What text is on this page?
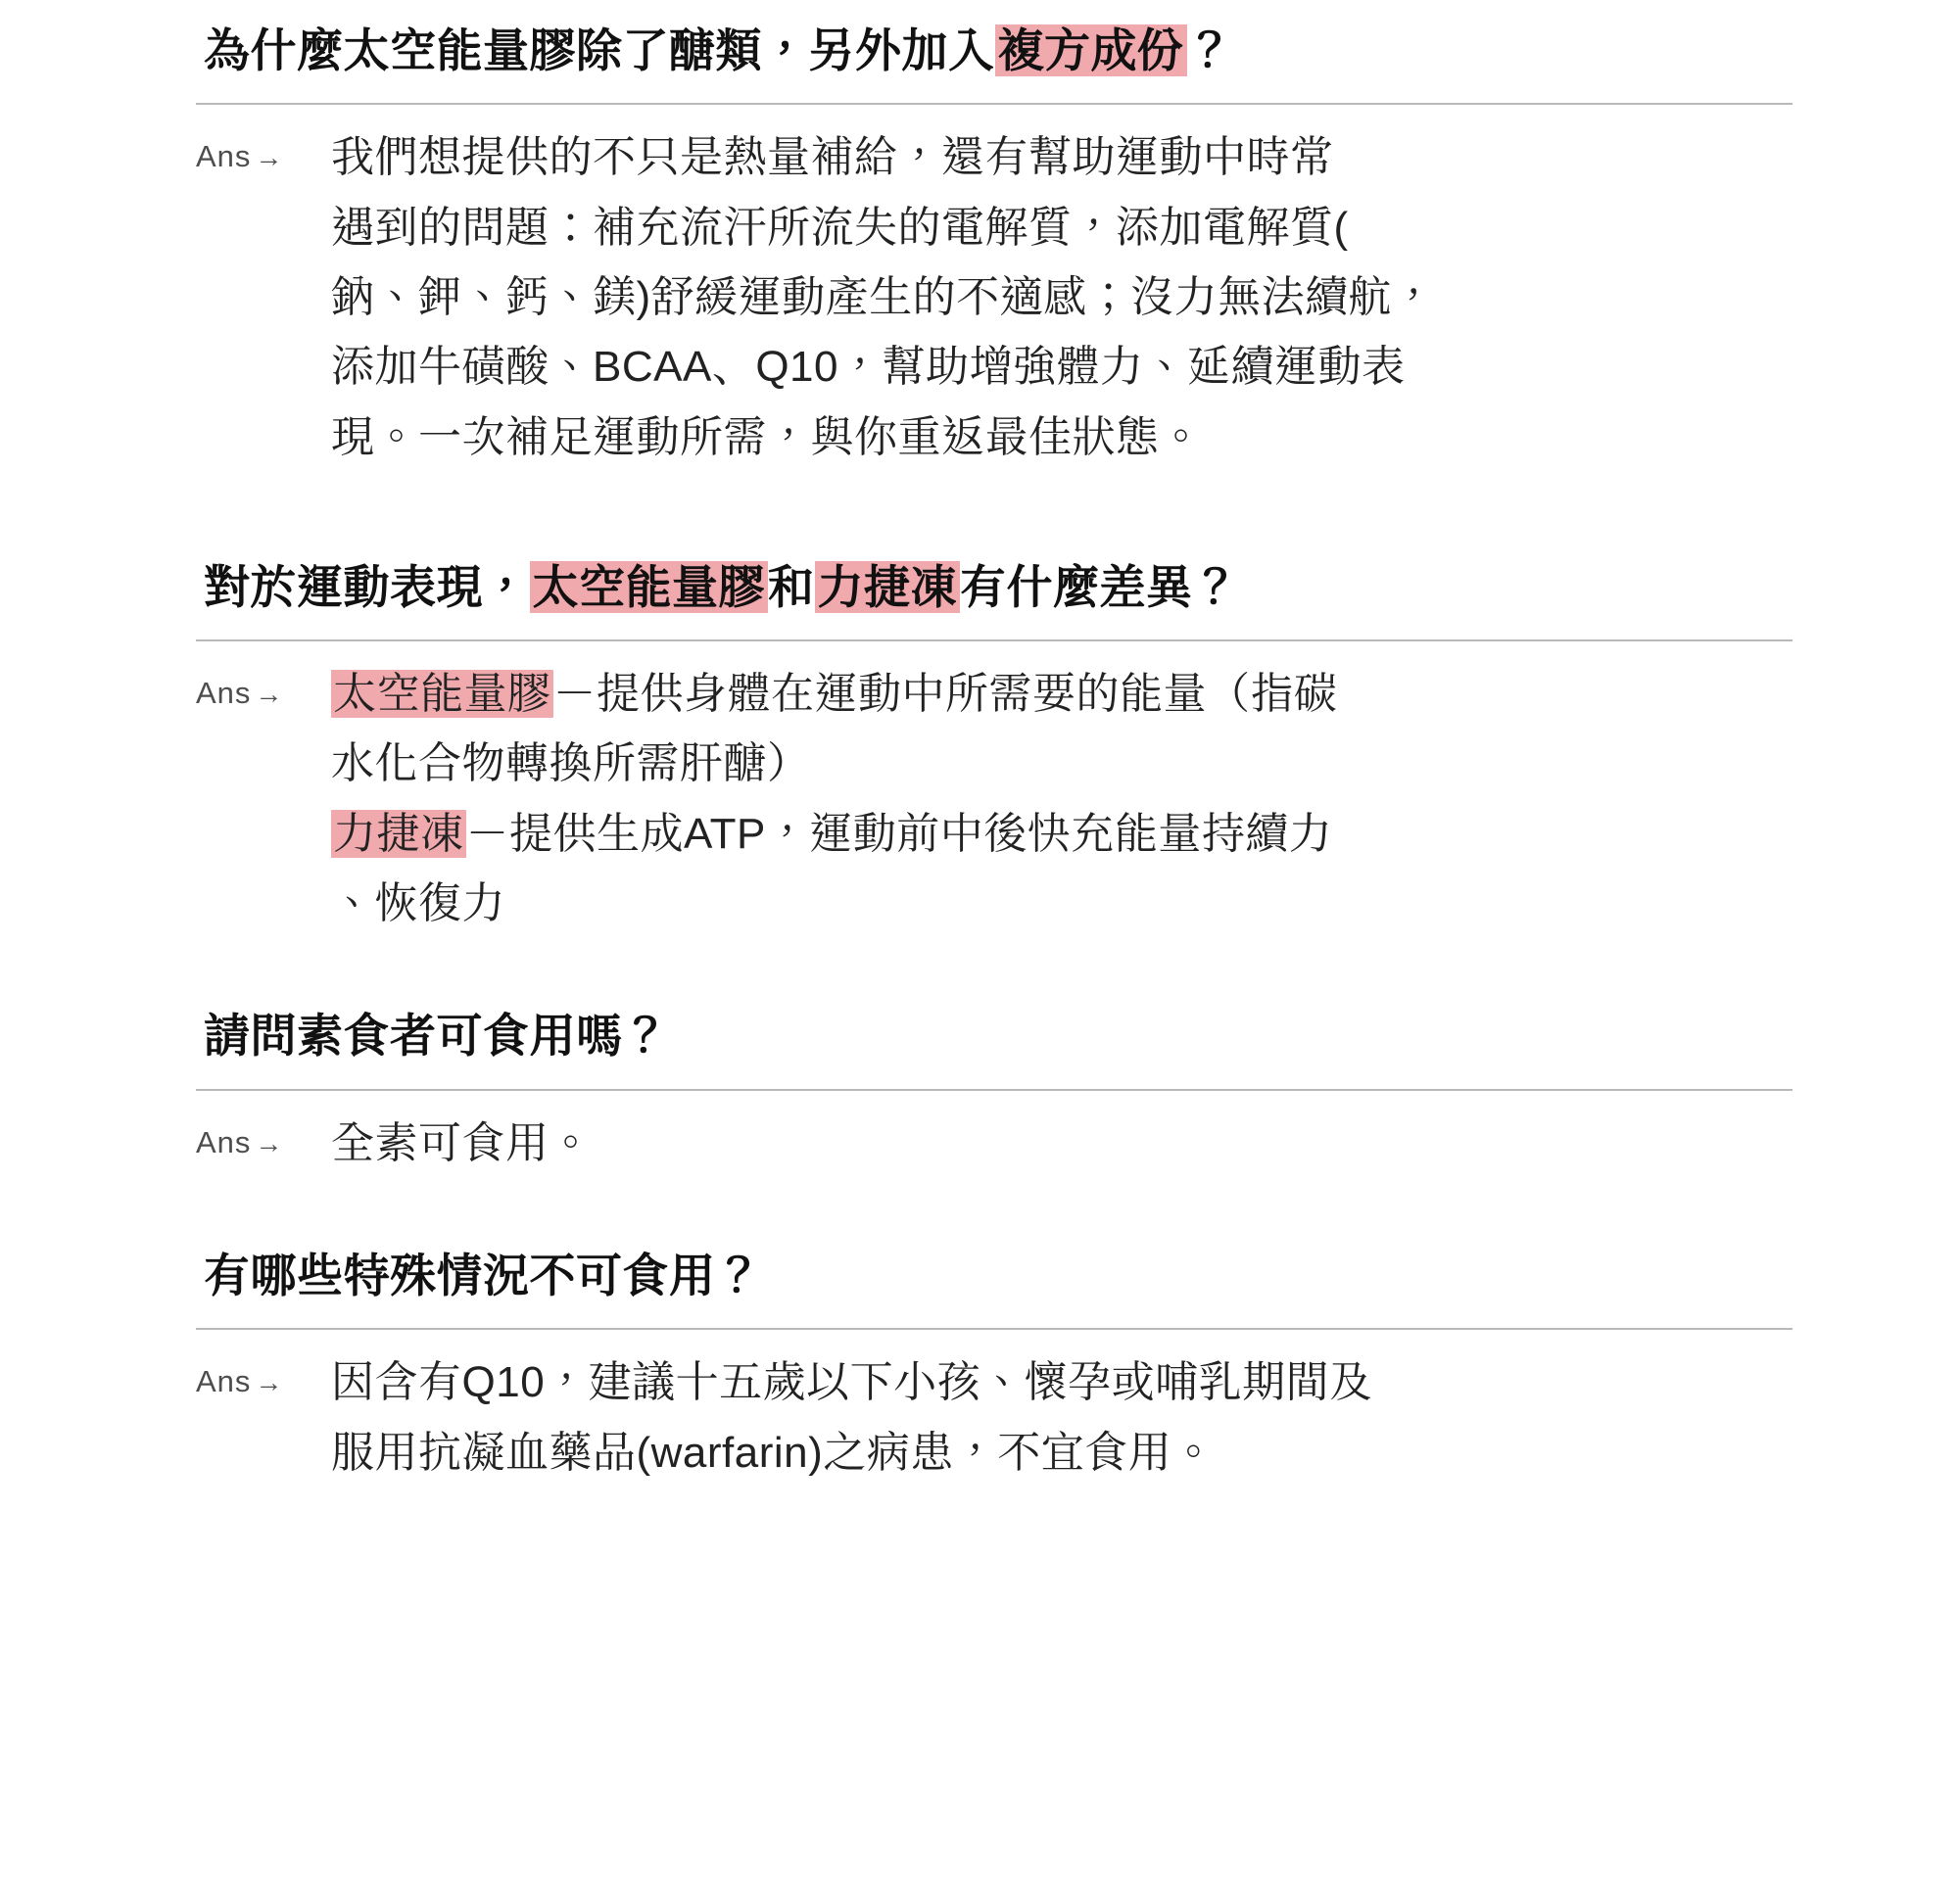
為什麼太空能量膠除了醣類，另外加入複方成份？
Ans →	我們想提供的不只是熱量補給，還有幫助運動中時常
遇到的問題：補充流汗所流失的電解質，添加電解質(
鈉、鉀、鈣、鎂)舒緩運動產生的不適感；沒力無法續航，
添加牛磺酸、BCAA、Q10，幫助增強體力、延續運動表
現。一次補足運動所需，與你重返最佳狀態。
對於運動表現，太空能量膠和力捷凍有什麼差異？
Ans →	太空能量膠－提供身體在運動中所需要的能量（指碳
水化合物轉換所需肝醣）
力捷凍－提供生成ATP，運動前中後快充能量持續力
、恢復力
請問素食者可食用嗎？
Ans →	全素可食用。
有哪些特殊情況不可食用？
Ans →	因含有Q10，建議十五歲以下小孩、懷孕或哺乳期間及
服用抗凝血藥品(warfarin)之病患，不宜食用。
